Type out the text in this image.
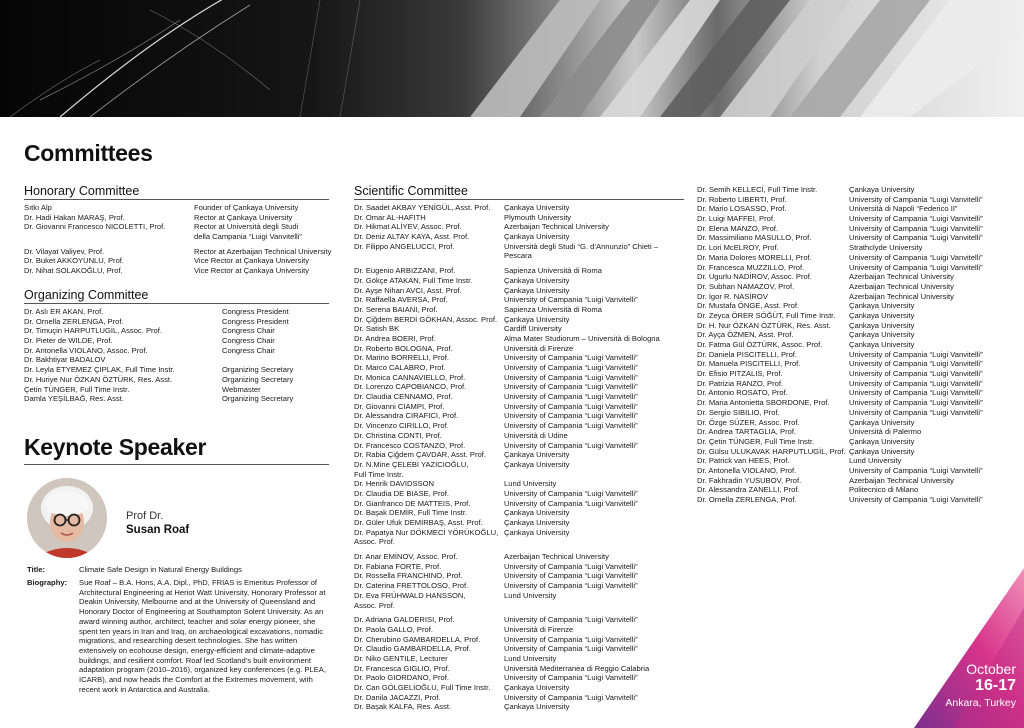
Committees
Honorary Committee
Sıtkı Alp	Founder of Çankaya University
Dr. Hadi Hakan MARAŞ, Prof.	Rector at Çankaya University
Dr. Giovanni Francesco NICOLETTI, Prof.	Rector at Università degli Studi
della Campania “Luigi Vanvitelli”
Dr. Vilayat Valiyev, Prof.	Rector at Azerbaijan Technical University
Dr. Buket AKKOYUNLU, Prof.	Vice Rector at Çankaya University
Dr. Nihat SOLAKOĞLU, Prof.	Vice Rector at Çankaya University
Organizing Committee
Dr. Aslı ER AKAN, Prof.	Congress President
Dr. Ornella ZERLENGA, Prof.	Congress President
Dr. Timuçin HARPUTLUGİL, Assoc. Prof.	Congress Chair
Dr. Pieter de WILDE, Prof.	Congress Chair
Dr. Antonella VIOLANO, Assoc. Prof.	Congress Chair
Dr. Bakhtiyar BADALOV
Dr. Leyla ETYEMEZ ÇIPLAK, Full Time Instr.	Organizing Secretary
Dr. Huriye Nur ÖZKAN ÖZTÜRK, Res. Asst.	Organizing Secretary
Çetin TÜNGER, Full Time Instr.	Webmaster
Damla YEŞİLBAĞ, Res. Asst.	Organizing Secretary
Keynote Speaker
Prof Dr.
Susan Roaf
Title:	Climate Safe Design in Natural Energy Buildings
Biography: Sue Roaf – B.A. Hons, A.A. Dipl., PhD, FRIAS is Emeritus Professor of Architectural Engineering at Heriot Watt University, Honorary Professor at Deakin University, Melbourne and at the University of Queensland and Honorary Doctor of Engineering at Southampton Solent University. As an award winning author, architect, teacher and solar energy pioneer, she spent ten years in Iran and Iraq, on archaeological excavations, nomadic migrations, and researching desert technologies. She has written extensively on ecohouse design, energy-efficient and climate-adaptive buildings, and resilient comfort. Roaf led Scotland’s built environment adaptation program (2010–2016), organized key conferences (e.g. PLEA, ICARB), and now heads the Comfort at the Extremes movement, with recent work in Antarctica and Australia.
Scientific Committee
Dr. Saadet AKBAY YENİGÜL, Asst. Prof. Çankaya University
Dr. Omar AL-HAFITH	Plymouth University
Dr. Hikmat ALİYEV, Assoc. Prof.	Azerbaijan Technical University
Dr. Deniz ALTAY KAYA, Asst. Prof.	Çankaya University
Dr. Filippo ANGELUCCI, Prof.	Università degli Studi “G. d’Annunzio” Chieti –
Pescara
Dr. Eugenio ARBIZZANI, Prof.	Sapienza Università di Roma
Dr. Gökçe ATAKAN, Full Time Instr.	Çankaya University
Dr. Ayşe Nihan AVCI, Asst. Prof.	Çankaya University
Dr. Raffaella AVERSA, Prof.	University of Campania “Luigi Vanvitelli”
Dr. Serena BAIANI, Prof.	Sapienza Università di Roma
Dr. Çiğdem BERDİ GÖKHAN, Assoc. Prof. Çankaya University
Dr. Satish BK	Cardiff University
Dr. Andrea BOERI, Prof.	Alma Mater Studiorum – Università di Bologna
Dr. Roberto BOLOGNA, Prof.	Università di Firenze
Dr. Marino BORRELLI, Prof.	University of Campania “Luigi Vanvitelli”
Dr. Marco CALABRO, Prof.	University of Campania “Luigi Vanvitelli”
Dr. Monica CANNAVIELLO, Prof.	University of Campania “Luigi Vanvitelli”
Dr. Lorenzo CAPOBIANCO, Prof.	University of Campania “Luigi Vanvitelli”
Dr. Claudia CENNAMO, Prof.	University of Campania “Luigi Vanvitelli”
Dr. Giovanni CIAMPI, Prof.	University of Campania “Luigi Vanvitelli”
Dr. Alessandra CIRAFICI, Prof.	University of Campania “Luigi Vanvitelli”
Dr. Vincenzo CIRILLO, Prof.	University of Campania “Luigi Vanvitelli”
Dr. Christina CONTI, Prof.	Università di Udine
Dr. Francesco COSTANZO, Prof.	University of Campania “Luigi Vanvitelli”
Dr. Rabia Çiğdem ÇAVDAR, Asst. Prof. Çankaya University
Dr. N.Mine ÇELEBİ YAZICIOĞLU,	Çankaya University
Full Time Instr.
Dr. Henrik DAVIDSSON	Lund University
Dr. Claudia DE BIASE, Prof.	University of Campania “Luigi Vanvitelli”
Dr. Gianfranco DE MATTEIS, Prof.	University of Campania “Luigi Vanvitelli”
Dr. Başak DEMİR, Full Time Instr.	Çankaya University
Dr. Güler Ufuk DEMİRBAŞ, Asst. Prof.	Çankaya University
Dr. Papatya Nur DÖKMECİ YÖRÜKOĞLU, Çankaya University
Assoc. Prof.
Dr. Anar EMİNOV, Assoc. Prof.	Azerbaijan Technical University
Dr. Fabiana FORTE, Prof.	University of Campania “Luigi Vanvitelli”
Dr. Rossella FRANCHINO, Prof.	University of Campania “Luigi Vanvitelli”
Dr. Caterina FRETTOLOSO, Prof.	University of Campania “Luigi Vanvitelli”
Dr. Eva FRÜHWALD HANSSON,	Lund University
Assoc. Prof.
Dr. Adriana GALDERISI, Prof.	University of Campania “Luigi Vanvitelli”
Dr. Paola GALLO, Prof.	Università di Firenze
Dr. Cherubino GAMBARDELLA, Prof.	University of Campania “Luigi Vanvitelli”
Dr. Claudio GAMBARDELLA, Prof.	University of Campania “Luigi Vanvitelli”
Dr. Niko GENTILE, Lecturer	Lund University
Dr. Francesca GIGLIO, Prof.	Università Mediterranea di Reggio Calabria
Dr. Paolo GIORDANO, Prof.	University of Campania “Luigi Vanvitelli”
Dr. Can GÖLGELİOĞLU, Full Time Instr. Çankaya University
Dr. Danila JACAZZI, Prof.	University of Campania “Luigi Vanvitelli”
Dr. Başak KALFA, Res. Asst.	Çankaya University
Dr. Semih KELLECİ, Full Time Instr.	Çankaya University
Dr. Roberto LIBERTI, Prof.	University of Campania “Luigi Vanvitelli”
Dr. Mario LOSASSO, Prof.	Università di Napoli “Federico II”
Dr. Luigi MAFFEI, Prof.	University of Campania “Luigi Vanvitelli”
Dr. Elena MANZO, Prof.	University of Campania “Luigi Vanvitelli”
Dr. Massimiliano MASULLO, Prof.	University of Campania “Luigi Vanvitelli”
Dr. Lori McELROY, Prof.	Strathclyde University
Dr. Maria Dolores MORELLI, Prof.	University of Campania “Luigi Vanvitelli”
Dr. Francesca MUZZILLO, Prof.	University of Campania “Luigi Vanvitelli”
Dr. Ugurlu NADİROV, Assoc. Prof.	Azerbaijan Technical University
Dr. Subhan NAMAZOV, Prof.	Azerbaijan Technical University
Dr. İgor R. NASİROV	Azerbaijan Technical University
Dr. Mustafa ÖNGE, Asst. Prof.	Çankaya University
Dr. Zeyca ÖRER SÖĞÜT, Full Time Instr. Çankaya University
Dr. H. Nur ÖZKAN ÖZTÜRK, Res. Asst. Çankaya University
Dr. Ayça ÖZMEN, Asst. Prof.	Çankaya University
Dr. Fatma Gül ÖZTÜRK, Assoc. Prof.	Çankaya University
Dr. Daniela PISCITELLI, Prof.	University of Campania “Luigi Vanvitelli”
Dr. Manuela PISCITELLI, Prof.	University of Campania “Luigi Vanvitelli”
Dr. Efisio PITZALIS, Prof.	University of Campania “Luigi Vanvitelli”
Dr. Patrizia RANZO, Prof.	University of Campania “Luigi Vanvitelli”
Dr. Antonio ROSATO, Prof.	University of Campania “Luigi Vanvitelli”
Dr. Maria Antonietta SBORDONE, Prof.	University of Campania “Luigi Vanvitelli”
Dr. Sergio SIBILIO, Prof.	University of Campania “Luigi Vanvitelli”
Dr. Özge SÜZER, Assoc. Prof.	Çankaya University
Dr. Andrea TARTAGLIA, Prof.	Università di Palermo
Dr. Çetin TÜNGER, Full Time Instr.	Çankaya University
Dr. Gülsu ULUKAVAK HARPUTLUGİL, Prof. Çankaya University
Dr. Patrick van HEES, Prof.	Lund University
Dr. Antonella VIOLANO, Prof.	University of Campania “Luigi Vanvitelli”
Dr. Fakhradin YUSUBOV, Prof.	Azerbaijan Technical University
Dr. Alessandra ZANELLI, Prof.	Politecnico di Milano
Dr. Ornella ZERLENGA, Prof.	University of Campania “Luigi Vanvitelli”
October
16-17
Ankara, Turkey
